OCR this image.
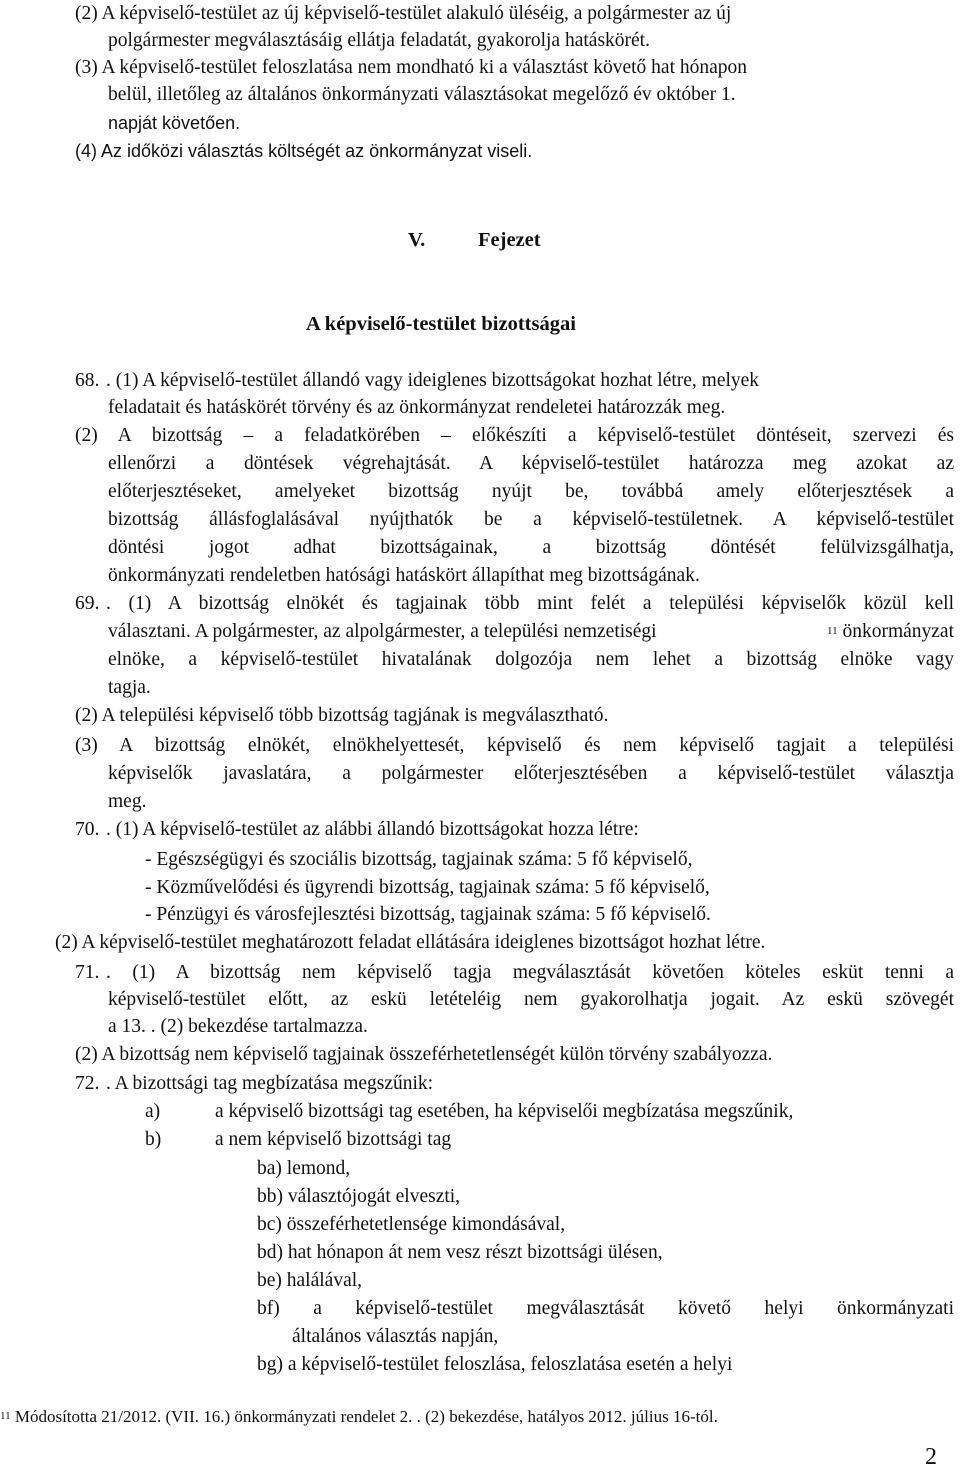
(2) A képviselő-testület az új képviselő-testület alakuló üléséig, a polgármester az új
polgármester megválasztásáig ellátja feladatát, gyakorolja hatáskörét.
(3) A képviselő-testület feloszlatása nem mondható ki a választást követő hat hónapon
belül, illetőleg az általános önkormányzati választásokat megelőző év október 1.
napját követően.
(4) Az időközi választás költségét az önkormányzat viseli.
V.	Fejezet
A képviselő-testület bizottságai
68. . (1) A képviselő-testület állandó vagy ideiglenes bizottságokat hozhat létre, melyek
feladatait és hatáskörét törvény és az önkormányzat rendeletei határozzák meg.
(2) A bizottság – a feladatkörében – előkészíti a képviselő-testület döntéseit, szervezi és
ellenőrzi a döntések végrehajtását. A képviselő-testület határozza meg azokat az
előterjesztéseket, amelyeket bizottság nyújt be, továbbá amely előterjesztések a
bizottság állásfoglalásával nyújthatók be a képviselő-testületnek. A képviselő-testület
döntési jogot adhat bizottságainak, a bizottság döntését felülvizsgálhatja,
önkormányzati rendeletben hatósági hatáskört állapíthat meg bizottságának.
69. . (1) A bizottság elnökét és tagjainak több mint felét a települési képviselők közül kell
választani. A polgármester, az alpolgármester, a települési nemzetiségi	$^{11}$ önkormányzat
elnöke, a képviselő-testület hivatalának dolgozója nem lehet a bizottság elnöke vagy
tagja.
(2) A települési képviselő több bizottság tagjának is megválasztható.
(3) A bizottság elnökét, elnökhelyettesét, képviselő és nem képviselő tagjait a települési
képviselők javaslatára, a polgármester előterjesztésében a képviselő-testület választja
meg.
70. . (1) A képviselő-testület az alábbi állandó bizottságokat hozza létre:
- Egészségügyi és szociális bizottság, tagjainak száma: 5 fő képviselő,
- Közművelődési és ügyrendi bizottság, tagjainak száma: 5 fő képviselő,
- Pénzügyi és városfejlesztési bizottság, tagjainak száma: 5 fő képviselő.
(2) A képviselő-testület meghatározott feladat ellátására ideiglenes bizottságot hozhat létre.
71. . (1) A bizottság nem képviselő tagja megválasztását követően köteles esküt tenni a
képviselő-testület előtt, az eskü letételéig nem gyakorolhatja jogait. Az eskü szövegét
a 13. . (2) bekezdése tartalmazza.
(2) A bizottság nem képviselő tagjainak összeférhetetlenségét külön törvény szabályozza.
72. . A bizottsági tag megbízatása megszűnik:
a)	a képviselő bizottsági tag esetében, ha képviselői megbízatása megszűnik,
b)	a nem képviselő bizottsági tag
ba) lemond,
bb) választójogát elveszti,
bc) összeférhetetlensége kimondásával,
bd) hat hónapon át nem vesz részt bizottsági ülésen,
be) halálával,
bf) a képviselő-testület megválasztását követő helyi önkormányzati
általános választás napján,
bg) a képviselő-testület feloszlása, feloszlatása esetén a helyi
$^{11}$ Módosította 21/2012. (VII. 16.) önkormányzati rendelet 2. . (2) bekezdése, hatályos 2012. július 16-tól.
2
